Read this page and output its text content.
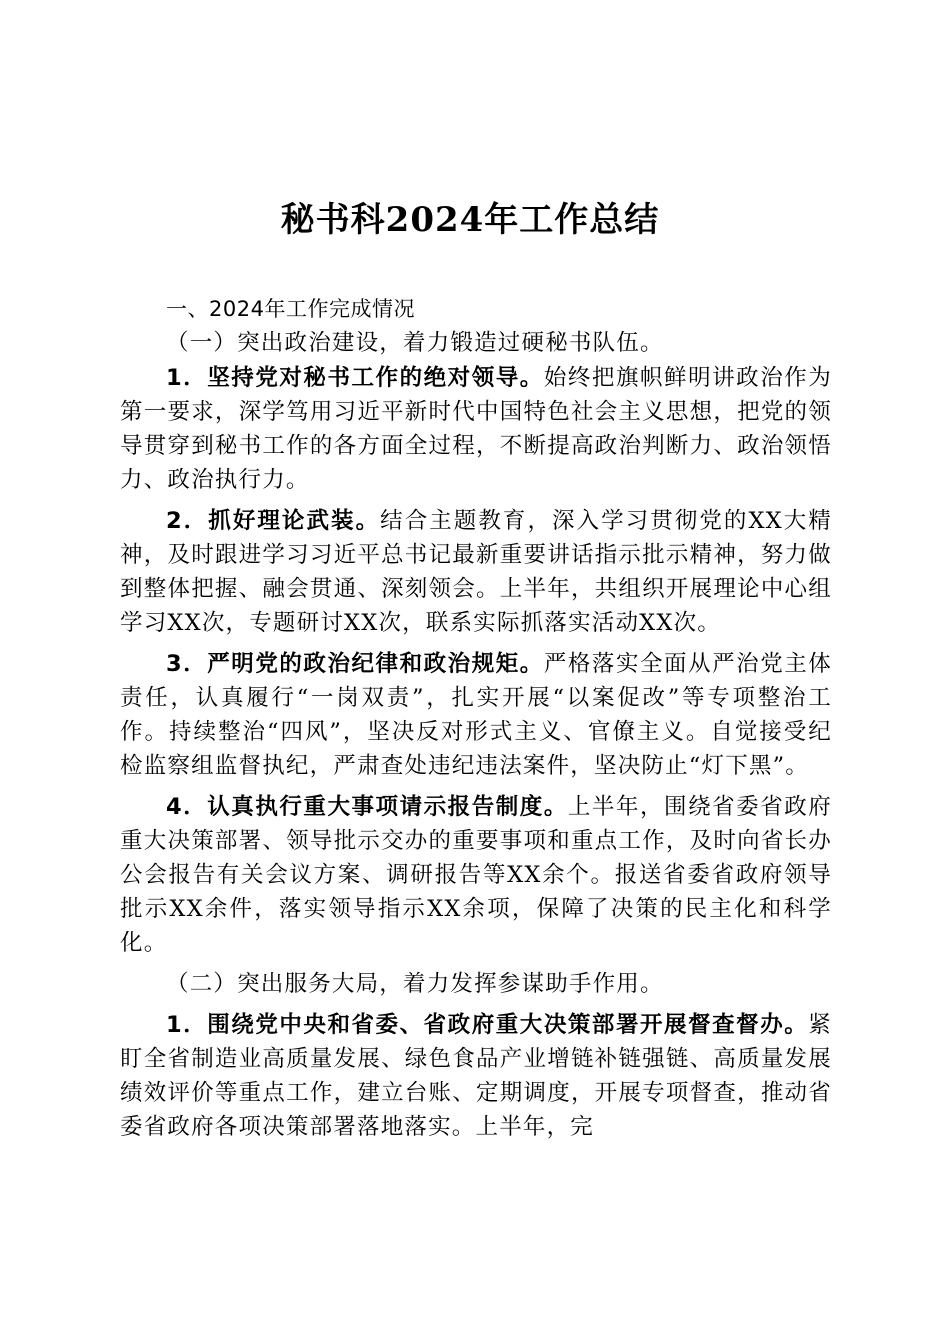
秘书科2024年工作总结

一、2024年工作完成情况

（一）突出政治建设，着力锻造过硬秘书队伍。

1．坚持党对秘书工作的绝对领导。始终把旗帜鲜明讲政治作为第一要求，深学笃用习近平新时代中国特色社会主义思想，把党的领导贯穿到秘书工作的各方面全过程，不断提高政治判断力、政治领悟力、政治执行力。

2．抓好理论武装。结合主题教育，深入学习贯彻党的XX大精神，及时跟进学习习近平总书记最新重要讲话指示批示精神，努力做到整体把握、融会贯通、深刻领会。上半年，共组织开展理论中心组学习XX次，专题研讨XX次，联系实际抓落实活动XX次。

3．严明党的政治纪律和政治规矩。严格落实全面从严治党主体责任，认真履行“一岗双责”，扎实开展“以案促改”等专项整治工作。持续整治“四风”，坚决反对形式主义、官僚主义。自觉接受纪检监察组监督执纪，严肃查处违纪违法案件，坚决防止“灯下黑”。

4．认真执行重大事项请示报告制度。上半年，围绕省委省政府重大决策部署、领导批示交办的重要事项和重点工作，及时向省长办公会报告有关会议方案、调研报告等XX余个。报送省委省政府领导批示XX余件，落实领导指示XX余项，保障了决策的民主化和科学化。

（二）突出服务大局，着力发挥参谋助手作用。

1．围绕党中央和省委、省政府重大决策部署开展督查督办。紧盯全省制造业高质量发展、绿色食品产业增链补链强链、高质量发展绩效评价等重点工作，建立台账、定期调度，开展专项督查，推动省委省政府各项决策部署落地落实。上半年，完
